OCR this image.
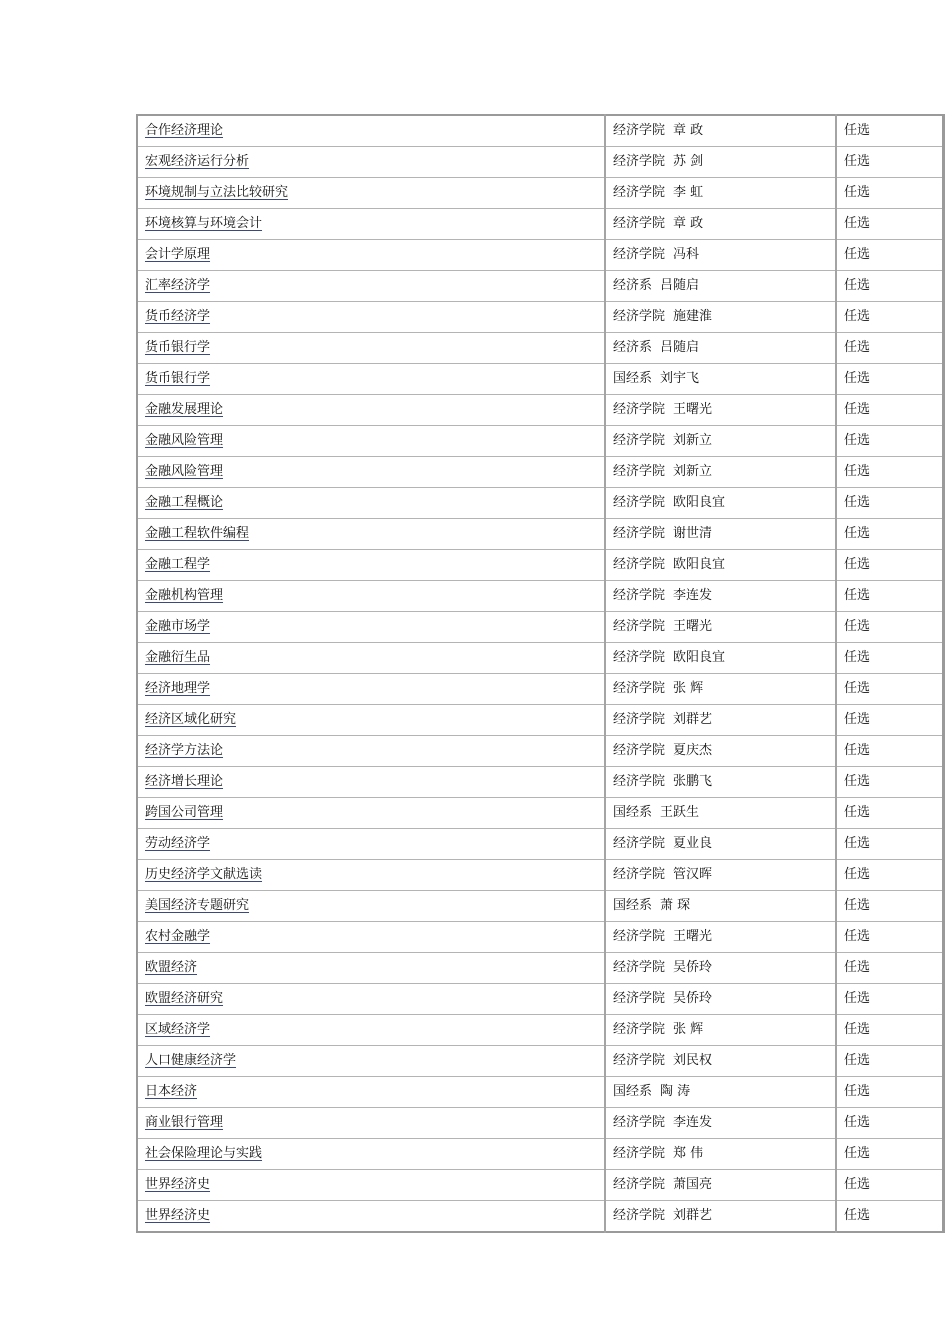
合作经济理论	经济学院 章 政	任选
宏观经济运行分析	经济学院 苏 剑	任选
环境规制与立法比较研究	经济学院 李 虹	任选
环境核算与环境会计	经济学院 章 政	任选
会计学原理	经济学院 冯科	任选
汇率经济学	经济系 吕随启	任选
货币经济学	经济学院 施建淮	任选
货币银行学	经济系 吕随启	任选
货币银行学	国经系 刘宇飞	任选
金融发展理论	经济学院 王曙光	任选
金融风险管理	经济学院 刘新立	任选
金融风险管理	经济学院 刘新立	任选
金融工程概论	经济学院 欧阳良宜	任选
金融工程软件编程	经济学院 谢世清	任选
金融工程学	经济学院 欧阳良宜	任选
金融机构管理	经济学院 李连发	任选
金融市场学	经济学院 王曙光	任选
金融衍生品	经济学院 欧阳良宜	任选
经济地理学	经济学院 张 辉	任选
经济区域化研究	经济学院 刘群艺	任选
经济学方法论	经济学院 夏庆杰	任选
经济增长理论	经济学院 张鹏飞	任选
跨国公司管理	国经系 王跃生	任选
劳动经济学	经济学院 夏业良	任选
历史经济学文献选读	经济学院 管汉晖	任选
美国经济专题研究	国经系 萧 琛	任选
农村金融学	经济学院 王曙光	任选
欧盟经济	经济学院 吴侨玲	任选
欧盟经济研究	经济学院 吴侨玲	任选
区域经济学	经济学院 张 辉	任选
人口健康经济学	经济学院 刘民权	任选
日本经济	国经系 陶 涛	任选
商业银行管理	经济学院 李连发	任选
社会保险理论与实践	经济学院 郑 伟	任选
世界经济史	经济学院 萧国亮	任选
世界经济史	经济学院 刘群艺	任选
